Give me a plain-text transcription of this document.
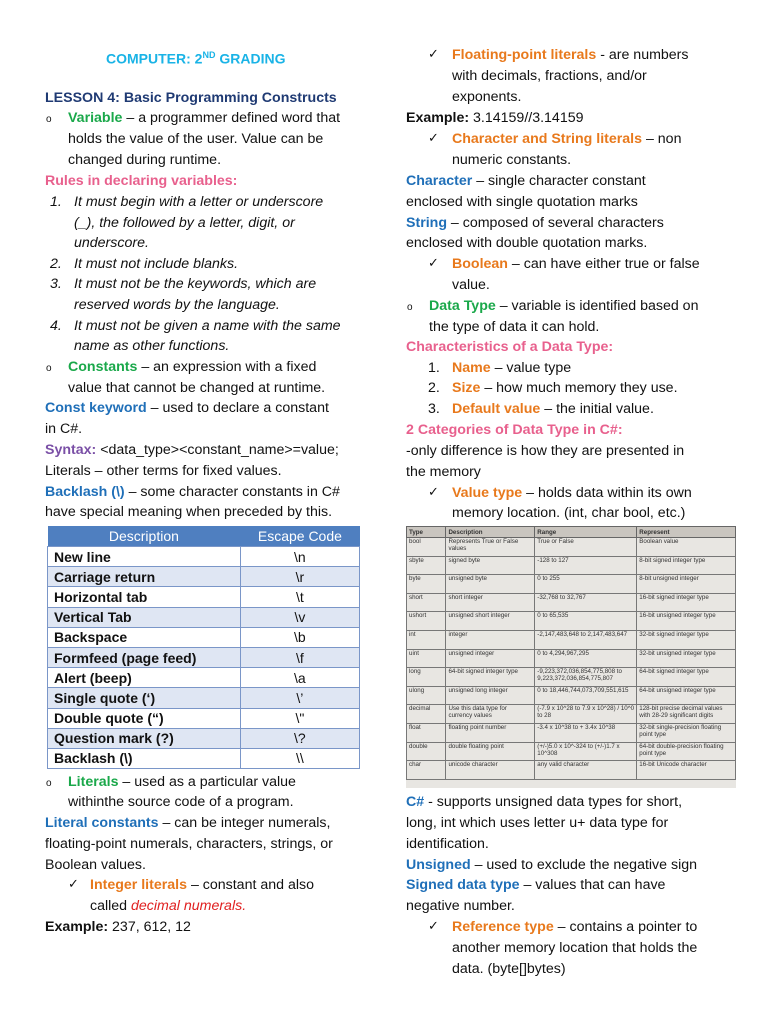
COMPUTER: 2ND GRADING
LESSON 4: Basic Programming Constructs
o Variable – a programmer defined word that
holds the value of the user. Value can be
changed during runtime.
Rules in declaring variables:
1. It must begin with a letter or underscore
(_), the followed by a letter, digit, or
underscore.
2. It must not include blanks.
3. It must not be the keywords, which are
reserved words by the language.
4. It must not be given a name with the same
name as other functions.
o Constants – an expression with a fixed
value that cannot be changed at runtime.
Const keyword – used to declare a constant
in C#.
Syntax: <data_type><constant_name>=value;
Literals – other terms for fixed values.
Backlash (\) – some character constants in C#
have special meaning when preceded by this.
Description	Escape Code
New line	\n
Carriage return	\r
Horizontal tab	\t
Vertical Tab	\v
Backspace	\b
Formfeed (page feed)	\f
Alert (beep)	\a
Single quote (‘)	\’
Double quote (“)	\"
Question mark (?)	\?
Backlash (\)	\\
o Literals – used as a particular value
withinthe source code of a program.
Literal constants – can be integer numerals,
floating-point numerals, characters, strings, or
Boolean values.
✓ Integer literals – constant and also
called decimal numerals.
Example: 237, 612, 12
✓ Floating-point literals - are numbers
with decimals, fractions, and/or
exponents.
Example: 3.14159//3.14159
✓ Character and String literals – non
numeric constants.
Character – single character constant
enclosed with single quotation marks
String – composed of several characters
enclosed with double quotation marks.
✓ Boolean – can have either true or false
value.
o Data Type – variable is identified based on
the type of data it can hold.
Characteristics of a Data Type:
1. Name – value type
2. Size – how much memory they use.
3. Default value – the initial value.
2 Categories of Data Type in C#:
-only difference is how they are presented in
the memory
✓ Value type – holds data within its own
memory location. (int, char bool, etc.)
Type	Description	Range	Represent
bool	Represents True or False values	True or False	Boolean value
sbyte	signed byte	-128 to 127	8-bit signed integer type
byte	unsigned byte	0 to 255	8-bit unsigned integer
short	short integer	-32,768 to 32,767	16-bit signed integer type
ushort	unsigned short integer	0 to 65,535	16-bit unsigned integer type
int	integer	-2,147,483,648 to 2,147,483,647	32-bit signed integer type
uint	unsigned integer	0 to 4,294,967,295	32-bit unsigned integer type
long	64-bit signed integer type	-9,223,372,036,854,775,808 to 9,223,372,036,854,775,807	64-bit signed integer type
ulong	unsigned long integer	0 to 18,446,744,073,709,551,615	64-bit unsigned integer type
decimal	Use this data type for currency values	(-7.9 x 10^28 to 7.9 x 10^28) / 10^0 to 28	128-bit precise decimal values with 28-29 significant digits
float	floating point number	-3.4 x 10^38 to + 3.4x 10^38	32-bit single-precision floating point type
double	double floating point	(+/-)5.0 x 10^-324 to (+/-)1.7 x 10^308	64-bit double-precision floating point type
char	unicode character	any valid character	16-bit Unicode character
C# - supports unsigned data types for short,
long, int which uses letter u+ data type for
identification.
Unsigned – used to exclude the negative sign
Signed data type – values that can have
negative number.
✓ Reference type – contains a pointer to
another memory location that holds the
data. (byte[]bytes)
